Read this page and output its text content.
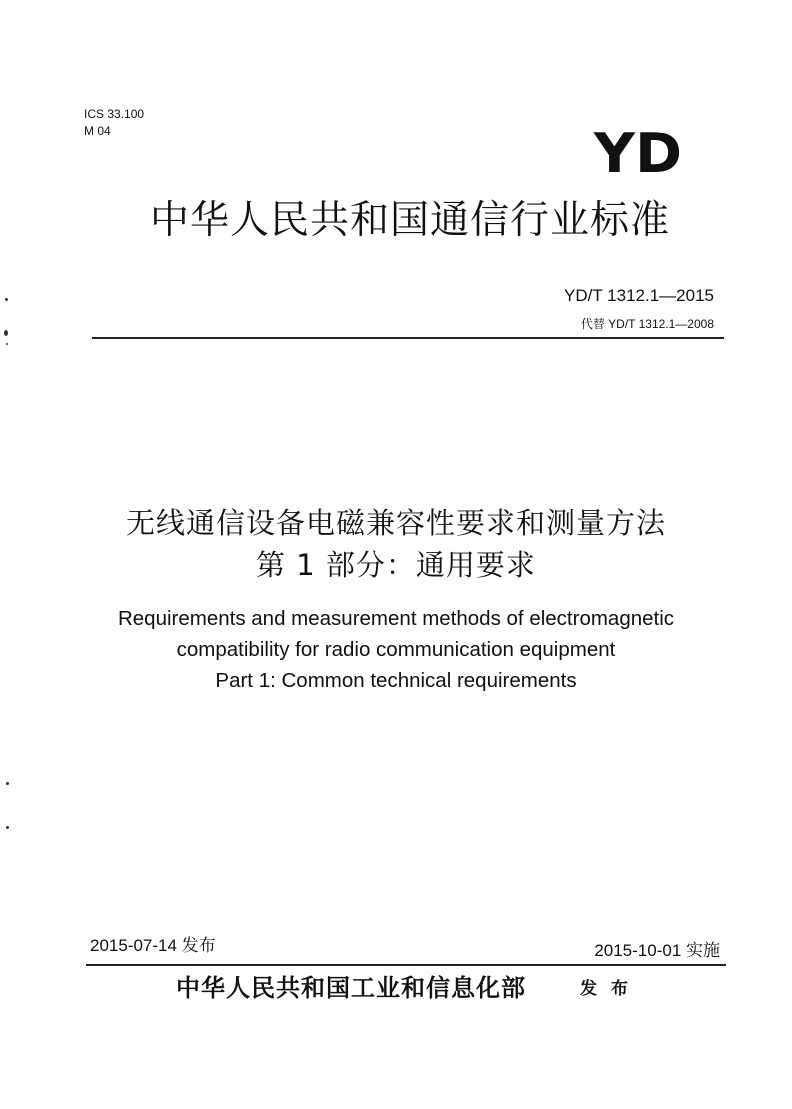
ICS 33.100
M 04	YD
中华人民共和国通信行业标准
YD/T 1312.1—2015
代替 YD/T 1312.1—2008
无线通信设备电磁兼容性要求和测量方法
第 1 部分：通用要求
Requirements and measurement methods of electromagnetic
compatibility for radio communication equipment
Part 1: Common technical requirements
2015-07-14 发布	2015-10-01 实施
中华人民共和国工业和信息化部	发 布
